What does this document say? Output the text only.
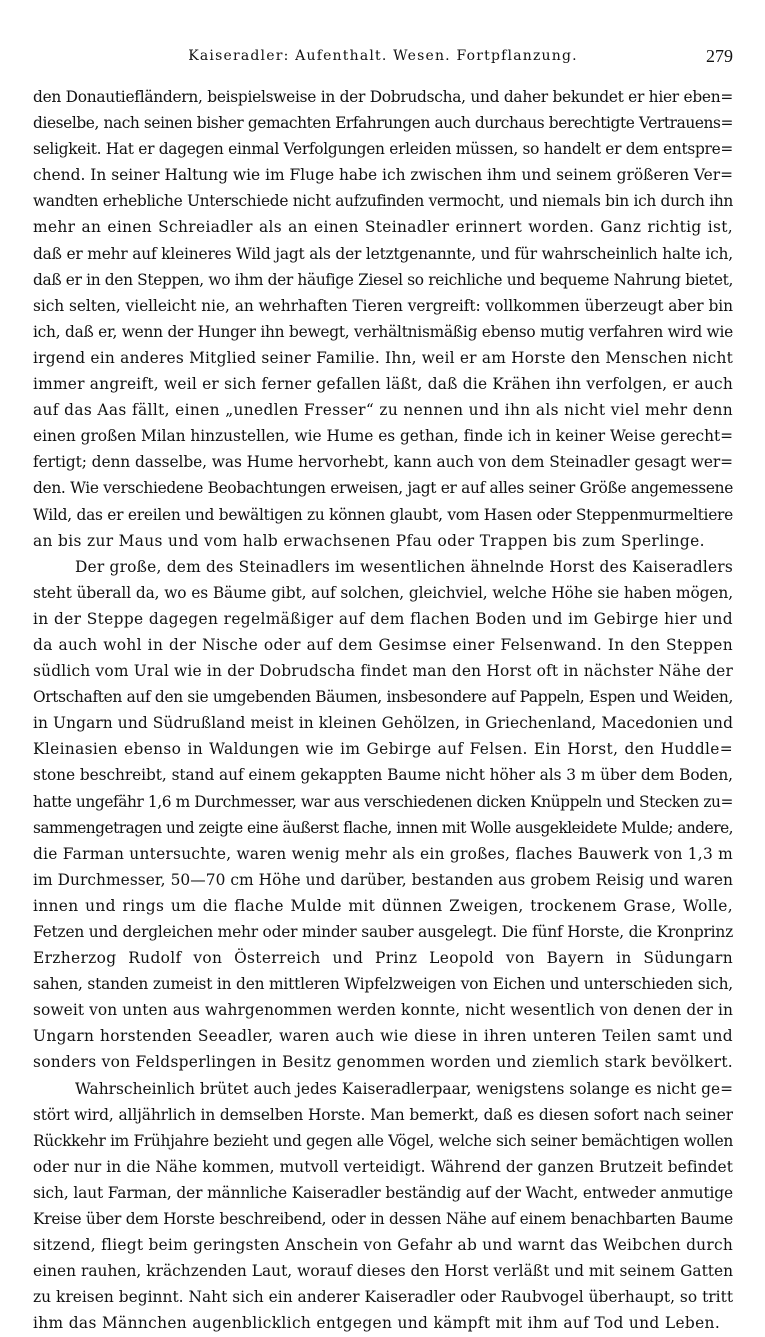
Kaiseradler: Aufenthalt. Wesen. Fortpflanzung.	279
den Donautiefländern, beispielsweise in der Dobrudscha, und daher bekundet er hier eben=
dieselbe, nach seinen bisher gemachten Erfahrungen auch durchaus berechtigte Vertrauens=
seligkeit. Hat er dagegen einmal Verfolgungen erleiden müssen, so handelt er dem entspre=
chend. In seiner Haltung wie im Fluge habe ich zwischen ihm und seinem größeren Ver=
wandten erhebliche Unterschiede nicht aufzufinden vermocht, und niemals bin ich durch ihn
mehr an einen Schreiadler als an einen Steinadler erinnert worden. Ganz richtig ist,
daß er mehr auf kleineres Wild jagt als der letztgenannte, und für wahrscheinlich halte ich,
daß er in den Steppen, wo ihm der häufige Ziesel so reichliche und bequeme Nahrung bietet,
sich selten, vielleicht nie, an wehrhaften Tieren vergreift: vollkommen überzeugt aber bin
ich, daß er, wenn der Hunger ihn bewegt, verhältnismäßig ebenso mutig verfahren wird wie
irgend ein anderes Mitglied seiner Familie. Ihn, weil er am Horste den Menschen nicht
immer angreift, weil er sich ferner gefallen läßt, daß die Krähen ihn verfolgen, er auch
auf das Aas fällt, einen „unedlen Fresser“ zu nennen und ihn als nicht viel mehr denn
einen großen Milan hinzustellen, wie Hume es gethan, finde ich in keiner Weise gerecht=
fertigt; denn dasselbe, was Hume hervorhebt, kann auch von dem Steinadler gesagt wer=
den. Wie verschiedene Beobachtungen erweisen, jagt er auf alles seiner Größe angemessene
Wild, das er ereilen und bewältigen zu können glaubt, vom Hasen oder Steppenmurmeltiere
an bis zur Maus und vom halb erwachsenen Pfau oder Trappen bis zum Sperlinge.
Der große, dem des Steinadlers im wesentlichen ähnelnde Horst des Kaiseradlers
steht überall da, wo es Bäume gibt, auf solchen, gleichviel, welche Höhe sie haben mögen,
in der Steppe dagegen regelmäßiger auf dem flachen Boden und im Gebirge hier und
da auch wohl in der Nische oder auf dem Gesimse einer Felsenwand. In den Steppen
südlich vom Ural wie in der Dobrudscha findet man den Horst oft in nächster Nähe der
Ortschaften auf den sie umgebenden Bäumen, insbesondere auf Pappeln, Espen und Weiden,
in Ungarn und Südrußland meist in kleinen Gehölzen, in Griechenland, Macedonien und
Kleinasien ebenso in Waldungen wie im Gebirge auf Felsen. Ein Horst, den Huddle=
stone beschreibt, stand auf einem gekappten Baume nicht höher als 3 m über dem Boden,
hatte ungefähr 1,6 m Durchmesser, war aus verschiedenen dicken Knüppeln und Stecken zu=
sammengetragen und zeigte eine äußerst flache, innen mit Wolle ausgekleidete Mulde; andere,
die Farman untersuchte, waren wenig mehr als ein großes, flaches Bauwerk von 1,3 m
im Durchmesser, 50—70 cm Höhe und darüber, bestanden aus grobem Reisig und waren
innen und rings um die flache Mulde mit dünnen Zweigen, trockenem Grase, Wolle,
Fetzen und dergleichen mehr oder minder sauber ausgelegt. Die fünf Horste, die Kronprinz
Erzherzog Rudolf von Österreich und Prinz Leopold von Bayern in Südungarn
sahen, standen zumeist in den mittleren Wipfelzweigen von Eichen und unterschieden sich,
soweit von unten aus wahrgenommen werden konnte, nicht wesentlich von denen der in
Ungarn horstenden Seeadler, waren auch wie diese in ihren unteren Teilen samt und
sonders von Feldsperlingen in Besitz genommen worden und ziemlich stark bevölkert.
Wahrscheinlich brütet auch jedes Kaiseradlerpaar, wenigstens solange es nicht ge=
stört wird, alljährlich in demselben Horste. Man bemerkt, daß es diesen sofort nach seiner
Rückkehr im Frühjahre bezieht und gegen alle Vögel, welche sich seiner bemächtigen wollen
oder nur in die Nähe kommen, mutvoll verteidigt. Während der ganzen Brutzeit befindet
sich, laut Farman, der männliche Kaiseradler beständig auf der Wacht, entweder anmutige
Kreise über dem Horste beschreibend, oder in dessen Nähe auf einem benachbarten Baume
sitzend, fliegt beim geringsten Anschein von Gefahr ab und warnt das Weibchen durch
einen rauhen, krächzenden Laut, worauf dieses den Horst verläßt und mit seinem Gatten
zu kreisen beginnt. Naht sich ein anderer Kaiseradler oder Raubvogel überhaupt, so tritt
ihm das Männchen augenblicklich entgegen und kämpft mit ihm auf Tod und Leben.
